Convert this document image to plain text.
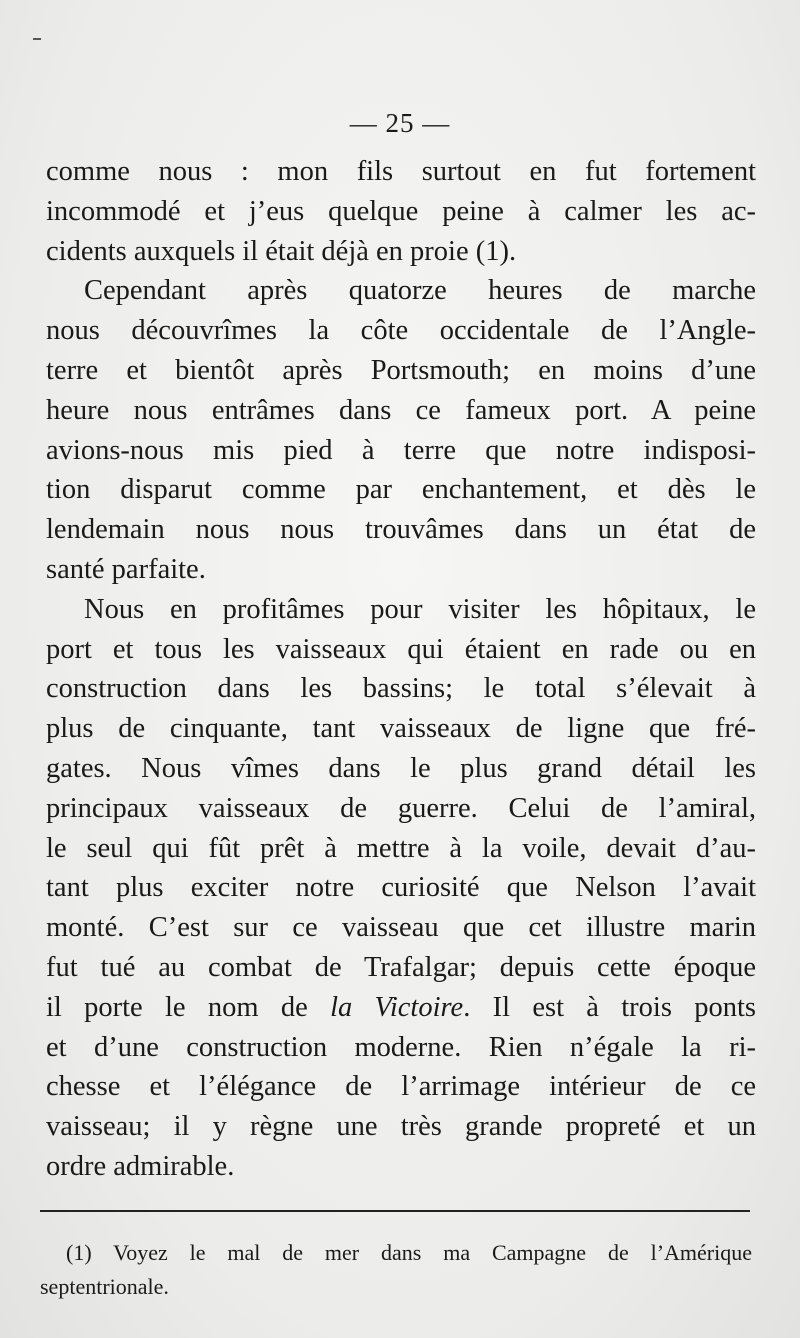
— 25 —
comme nous : mon fils surtout en fut fortement
incommodé et j’eus quelque peine à calmer les ac-
cidents auxquels il était déjà en proie (1).
Cependant après quatorze heures de marche
nous découvrîmes la côte occidentale de l’Angle-
terre et bientôt après Portsmouth; en moins d’une
heure nous entrâmes dans ce fameux port. A peine
avions-nous mis pied à terre que notre indisposi-
tion disparut comme par enchantement, et dès le
lendemain nous nous trouvâmes dans un état de
santé parfaite.
Nous en profitâmes pour visiter les hôpitaux, le
port et tous les vaisseaux qui étaient en rade ou en
construction dans les bassins; le total s’élevait à
plus de cinquante, tant vaisseaux de ligne que fré-
gates. Nous vîmes dans le plus grand détail les
principaux vaisseaux de guerre. Celui de l’amiral,
le seul qui fût prêt à mettre à la voile, devait d’au-
tant plus exciter notre curiosité que Nelson l’avait
monté. C’est sur ce vaisseau que cet illustre marin
fut tué au combat de Trafalgar; depuis cette époque
il porte le nom de la Victoire. Il est à trois ponts
et d’une construction moderne. Rien n’égale la ri-
chesse et l’élégance de l’arrimage intérieur de ce
vaisseau; il y règne une très grande propreté et un
ordre admirable.
(1) Voyez le mal de mer dans ma Campagne de l’Amérique
septentrionale.
